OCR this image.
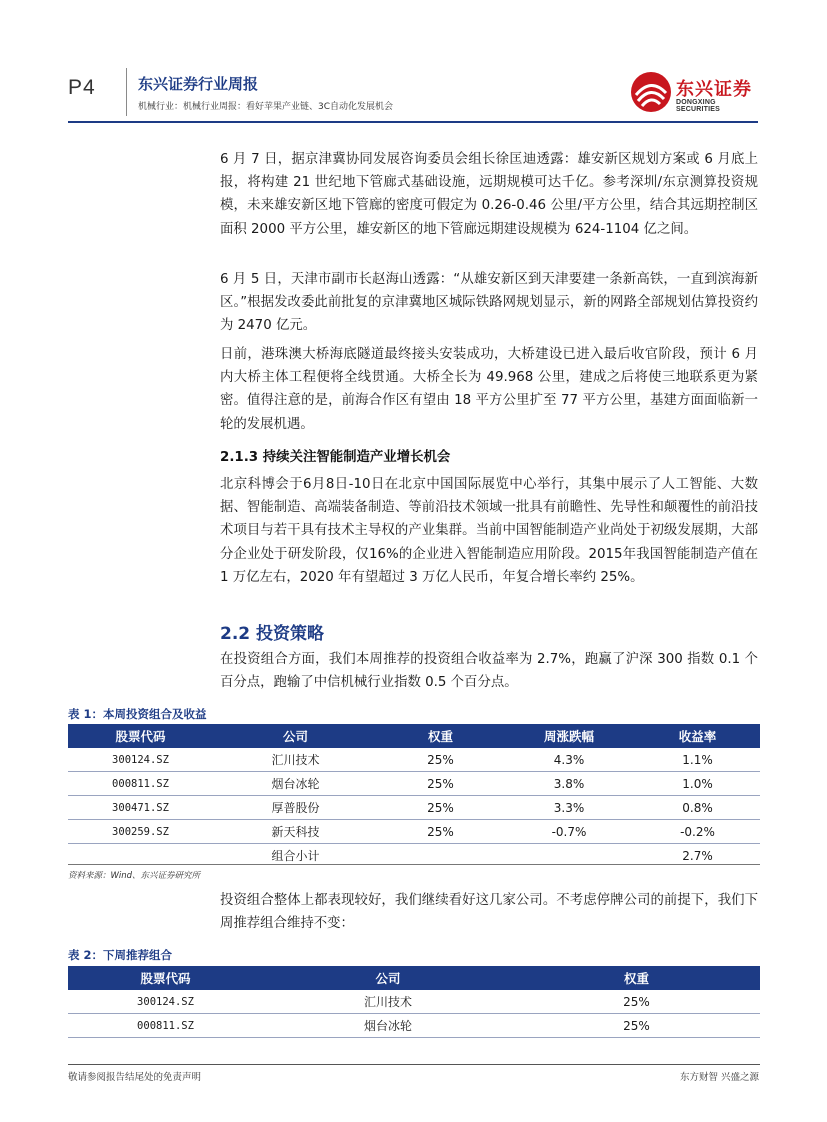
P4	东兴证券行业周报
机械行业：机械行业周报：看好苹果产业链、3C自动化发展机会
东兴证券
DONGXING SECURITIES
6 月 7 日，据京津冀协同发展咨询委员会组长徐匡迪透露：雄安新区规划方案或 6 月底上报，将构建 21 世纪地下管廊式基础设施，远期规模可达千亿。参考深圳/东京测算投资规模，未来雄安新区地下管廊的密度可假定为 0.26-0.46 公里/平方公里，结合其远期控制区面积 2000 平方公里，雄安新区的地下管廊远期建设规模为 624-1104 亿之间。
6 月 5 日，天津市副市长赵海山透露：“从雄安新区到天津要建一条新高铁，一直到滨海新区。”根据发改委此前批复的京津冀地区城际铁路网规划显示，新的网路全部规划估算投资约为 2470 亿元。
日前，港珠澳大桥海底隧道最终接头安装成功，大桥建设已进入最后收官阶段，预计 6 月内大桥主体工程便将全线贯通。大桥全长为 49.968 公里，建成之后将使三地联系更为紧密。值得注意的是，前海合作区有望由 18 平方公里扩至 77 平方公里，基建方面面临新一轮的发展机遇。
2.1.3 持续关注智能制造产业增长机会
北京科博会于6月8日-10日在北京中国国际展览中心举行，其集中展示了人工智能、大数据、智能制造、高端装备制造、等前沿技术领域一批具有前瞻性、先导性和颠覆性的前沿技术项目与若干具有技术主导权的产业集群。当前中国智能制造产业尚处于初级发展期，大部分企业处于研发阶段，仅16%的企业进入智能制造应用阶段。2015年我国智能制造产值在 1 万亿左右，2020 年有望超过 3 万亿人民币，年复合增长率约 25%。
2.2 投资策略
在投资组合方面，我们本周推荐的投资组合收益率为 2.7%，跑赢了沪深 300 指数 0.1 个百分点，跑输了中信机械行业指数 0.5 个百分点。
表 1：本周投资组合及收益
股票代码	公司	权重	周涨跌幅	收益率
300124.SZ	汇川技术	25%	4.3%	1.1%
000811.SZ	烟台冰轮	25%	3.8%	1.0%
300471.SZ	厚普股份	25%	3.3%	0.8%
300259.SZ	新天科技	25%	-0.7%	-0.2%
	组合小计			2.7%
资料来源：Wind、东兴证券研究所
投资组合整体上都表现较好，我们继续看好这几家公司。不考虑停牌公司的前提下，我们下周推荐组合维持不变：
表 2：下周推荐组合
股票代码	公司	权重
300124.SZ	汇川技术	25%
000811.SZ	烟台冰轮	25%
敬请参阅报告结尾处的免责声明	东方财智 兴盛之源
